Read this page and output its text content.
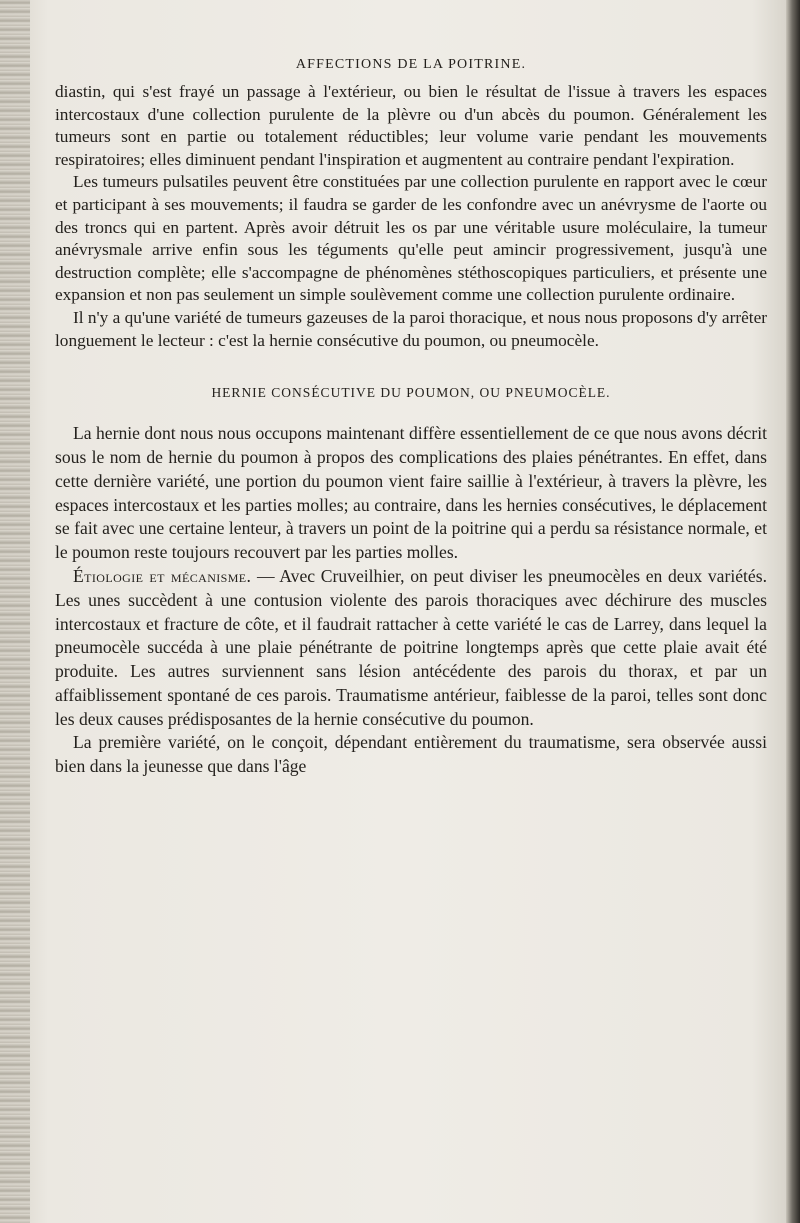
AFFECTIONS DE LA POITRINE.

diastin, qui s'est frayé un passage à l'extérieur, ou bien le résultat de l'issue à travers les espaces intercostaux d'une collection purulente de la plèvre ou d'un abcès du poumon. Généralement les tumeurs sont en partie ou totalement réductibles; leur volume varie pendant les mouvements respiratoires; elles diminuent pendant l'inspiration et augmentent au contraire pendant l'expiration.

Les tumeurs pulsatiles peuvent être constituées par une collection purulente en rapport avec le cœur et participant à ses mouvements; il faudra se garder de les confondre avec un anévrysme de l'aorte ou des troncs qui en partent. Après avoir détruit les os par une véritable usure moléculaire, la tumeur anévrysmale arrive enfin sous les téguments qu'elle peut amincir progressivement, jusqu'à une destruction complète; elle s'accompagne de phénomènes stéthoscopiques particuliers, et présente une expansion et non pas seulement un simple soulèvement comme une collection purulente ordinaire.

Il n'y a qu'une variété de tumeurs gazeuses de la paroi thoracique, et nous nous proposons d'y arrêter longuement le lecteur : c'est la hernie consécutive du poumon, ou pneumocèle.

HERNIE CONSÉCUTIVE DU POUMON, OU PNEUMOCÈLE.

La hernie dont nous nous occupons maintenant diffère essentiellement de ce que nous avons décrit sous le nom de hernie du poumon à propos des complications des plaies pénétrantes. En effet, dans cette dernière variété, une portion du poumon vient faire saillie à l'extérieur, à travers la plèvre, les espaces intercostaux et les parties molles; au contraire, dans les hernies consécutives, le déplacement se fait avec une certaine lenteur, à travers un point de la poitrine qui a perdu sa résistance normale, et le poumon reste toujours recouvert par les parties molles.

Étiologie et mécanisme. — Avec Cruveilhier, on peut diviser les pneumocèles en deux variétés. Les unes succèdent à une contusion violente des parois thoraciques avec déchirure des muscles intercostaux et fracture de côte, et il faudrait rattacher à cette variété le cas de Larrey, dans lequel la pneumocèle succéda à une plaie pénétrante de poitrine longtemps après que cette plaie avait été produite. Les autres surviennent sans lésion antécédente des parois du thorax, et par un affaiblissement spontané de ces parois. Traumatisme antérieur, faiblesse de la paroi, telles sont donc les deux causes prédisposantes de la hernie consécutive du poumon.

La première variété, on le conçoit, dépendant entièrement du traumatisme, sera observée aussi bien dans la jeunesse que dans l'âge
